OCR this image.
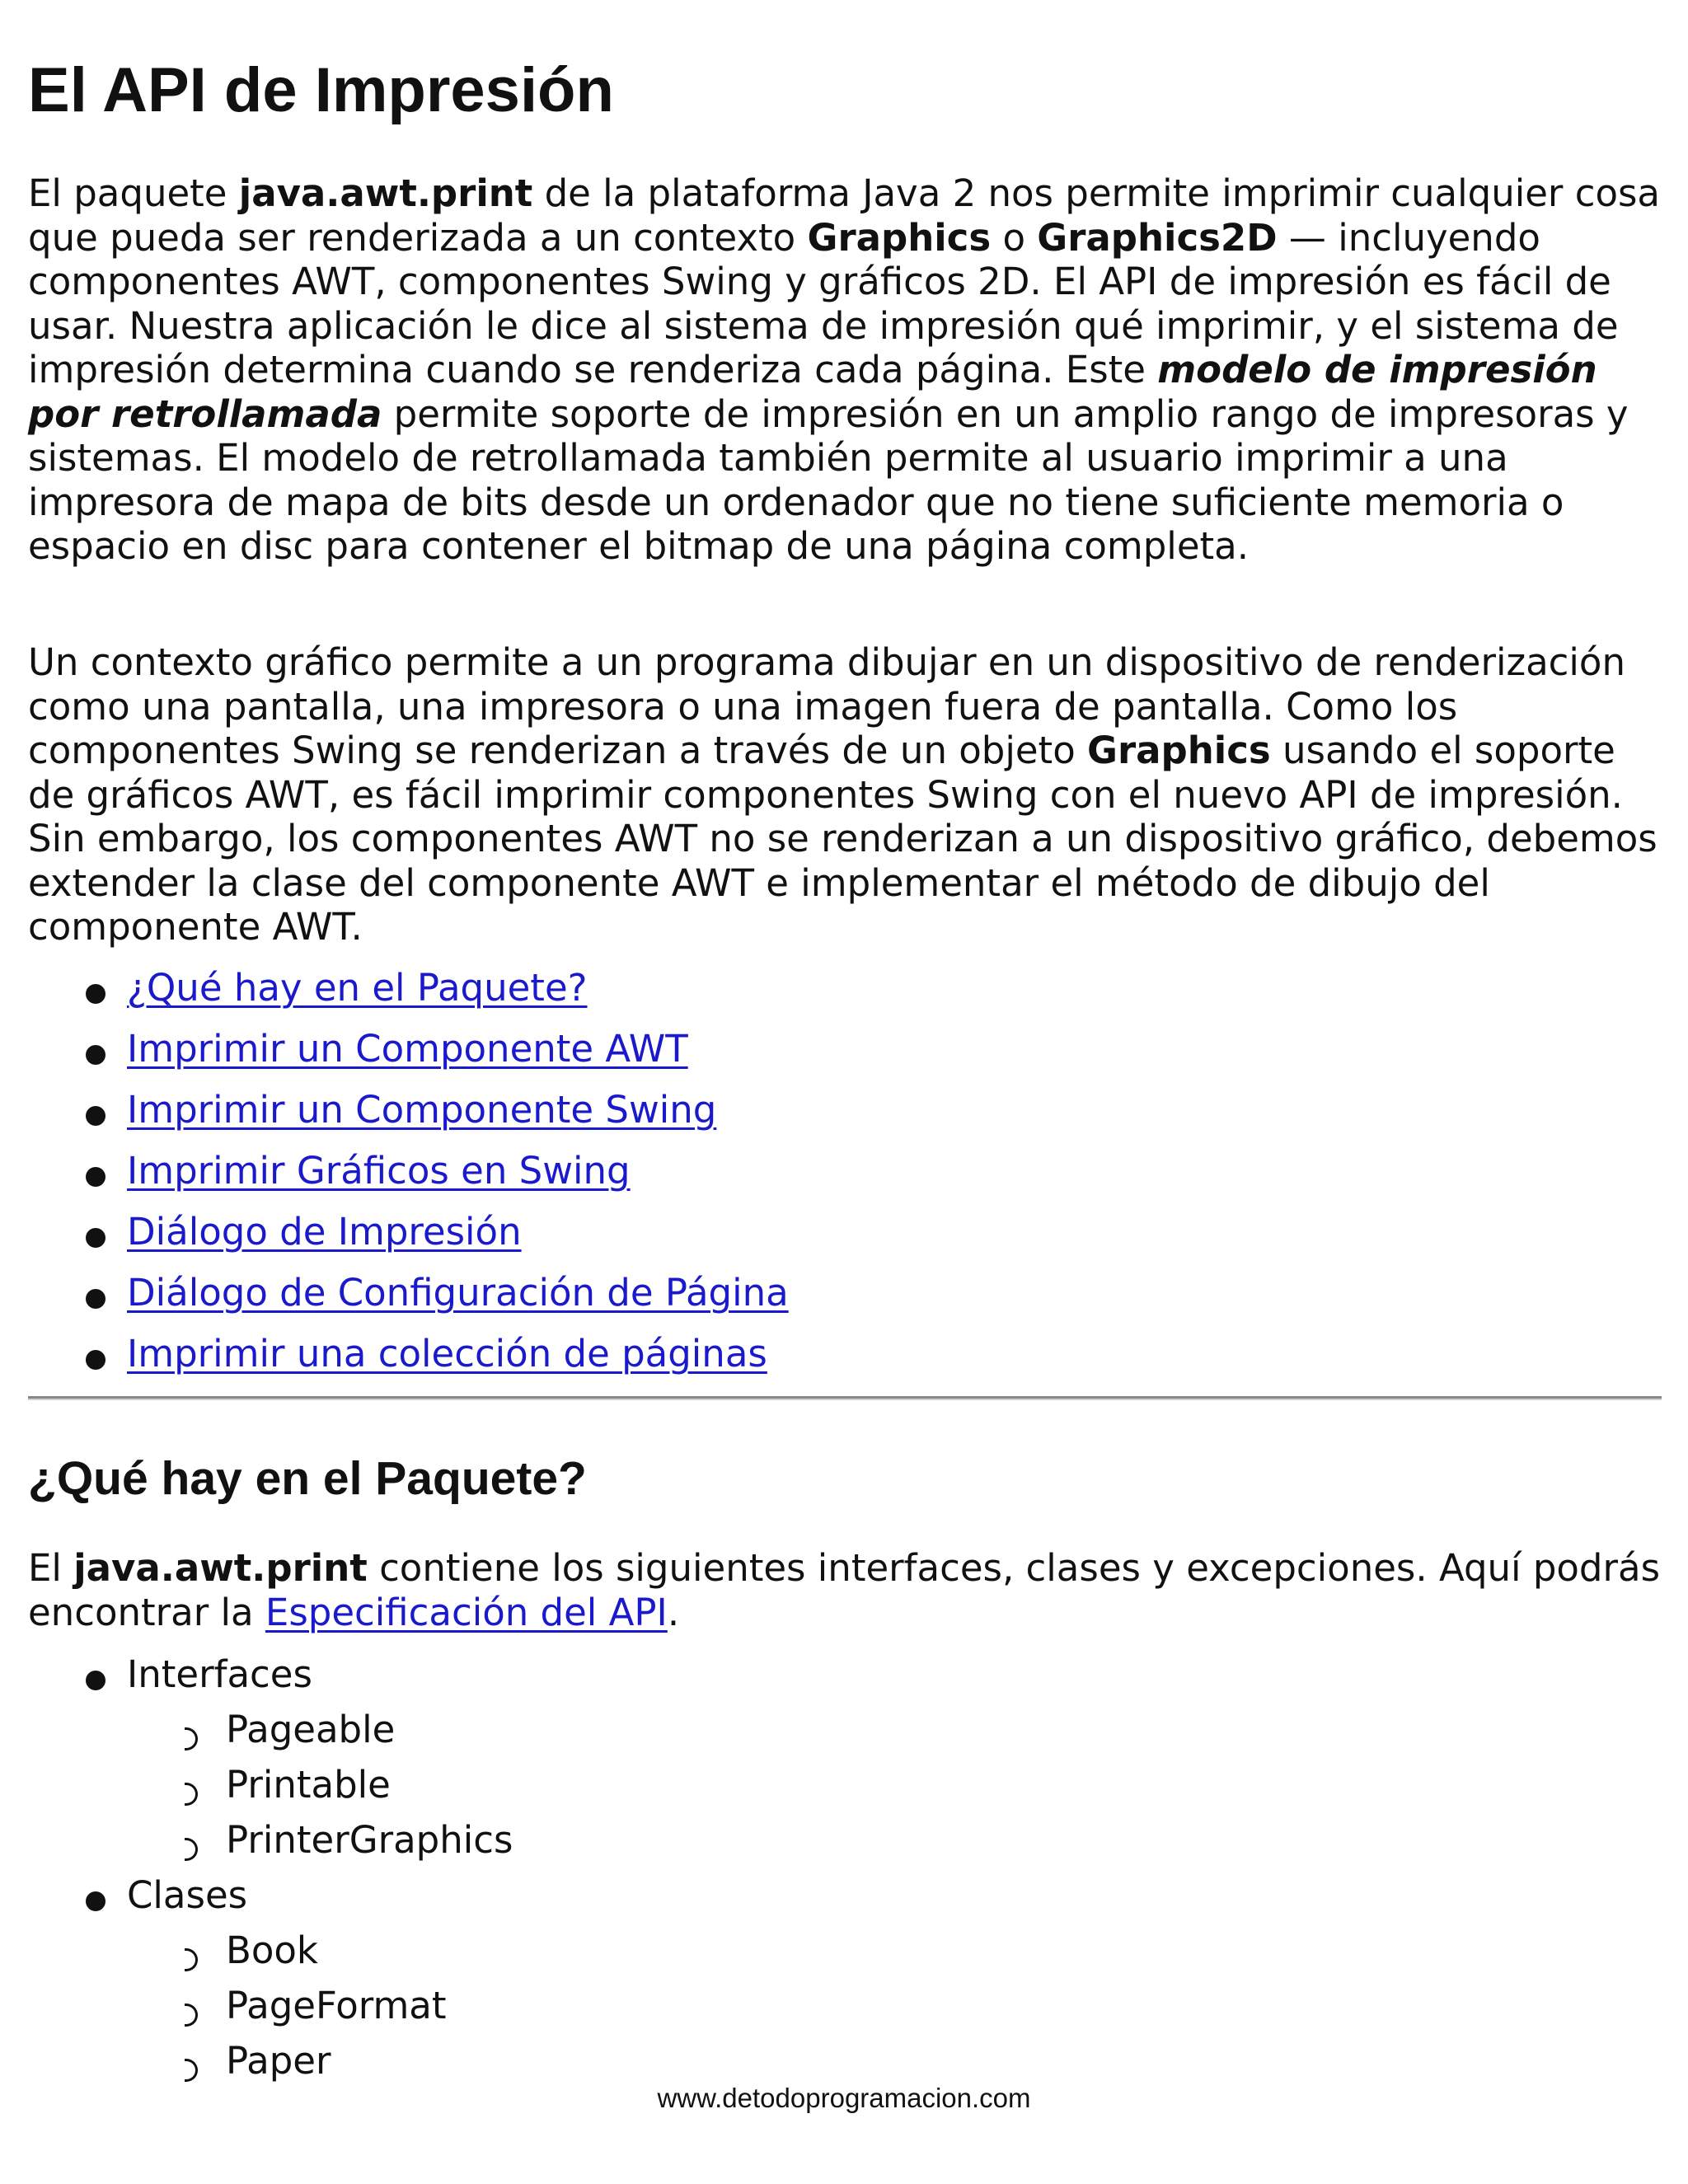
El API de Impresión

El paquete java.awt.print de la plataforma Java 2 nos permite imprimir cualquier cosa que pueda ser renderizada a un contexto Graphics o Graphics2D — incluyendo componentes AWT, componentes Swing y gráficos 2D. El API de impresión es fácil de usar. Nuestra aplicación le dice al sistema de impresión qué imprimir, y el sistema de impresión determina cuando se renderiza cada página. Este modelo de impresión por retrollamada permite soporte de impresión en un amplio rango de impresoras y sistemas. El modelo de retrollamada también permite al usuario imprimir a una impresora de mapa de bits desde un ordenador que no tiene suficiente memoria o espacio en disc para contener el bitmap de una página completa.

Un contexto gráfico permite a un programa dibujar en un dispositivo de renderización como una pantalla, una impresora o una imagen fuera de pantalla. Como los componentes Swing se renderizan a través de un objeto Graphics usando el soporte de gráficos AWT, es fácil imprimir componentes Swing con el nuevo API de impresión. Sin embargo, los componentes AWT no se renderizan a un dispositivo gráfico, debemos extender la clase del componente AWT e implementar el método de dibujo del componente AWT.

¿Qué hay en el Paquete?
Imprimir un Componente AWT
Imprimir un Componente Swing
Imprimir Gráficos en Swing
Diálogo de Impresión
Diálogo de Configuración de Página
Imprimir una colección de páginas
¿Qué hay en el Paquete?

El java.awt.print contiene los siguientes interfaces, clases y excepciones. Aquí podrás encontrar la Especificación del API.

Interfaces
Pageable
Printable
PrinterGraphics
Clases
Book
PageFormat
Paper
www.detodoprogramacion.com
